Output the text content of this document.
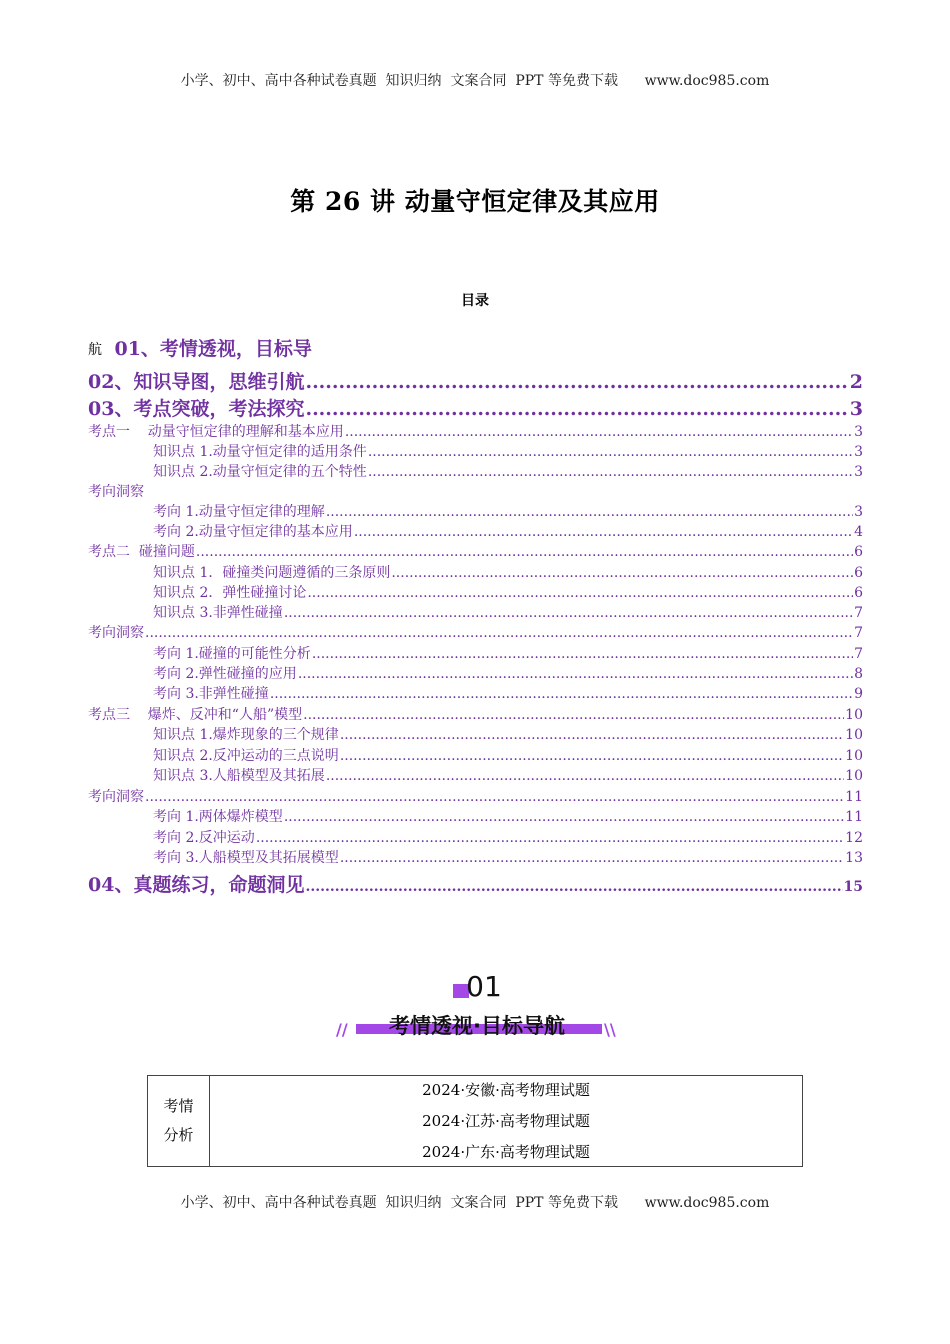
小学、初中、高中各种试卷真题  知识归纳  文案合同  PPT 等免费下载      www.doc985.com
第 26 讲 动量守恒定律及其应用
目录

01、考情透视，目标导

航
02、知识导图，思维引航 .....	2
03、考点突破，考法探究 .....	3
考点一    动量守恒定律的理解和基本应用 .....	3
知识点 1.动量守恒定律的适用条件 .....	3
知识点 2.动量守恒定律的五个特性 .....	3
考向洞察
考向 1.动量守恒定律的理解 .....	3
考向 2.动量守恒定律的基本应用 .....	4
考点二  碰撞问题 .....	6
知识点 1．碰撞类问题遵循的三条原则 .....	6
知识点 2．弹性碰撞讨论 .....	6
知识点 3.非弹性碰撞 .....	7
考向洞察 .....	7
考向 1.碰撞的可能性分析 .....	7
考向 2.弹性碰撞的应用 .....	8
考向 3.非弹性碰撞 .....	9
考点三    爆炸、反冲和“人船”模型 .....	10
知识点 1.爆炸现象的三个规律 .....	10
知识点 2.反冲运动的三点说明 .....	10
知识点 3.人船模型及其拓展 .....	10
考向洞察 .....	11
考向 1.两体爆炸模型 .....	11
考向 2.反冲运动 .....	12
考向 3.人船模型及其拓展模型 .....	13
04、真题练习，命题洞见 .....	15
01
//	\\
考情透视·目标导航
考情
分析
2024·安徽·高考物理试题
2024·江苏·高考物理试题
2024·广东·高考物理试题
小学、初中、高中各种试卷真题  知识归纳  文案合同  PPT 等免费下载      www.doc985.com
